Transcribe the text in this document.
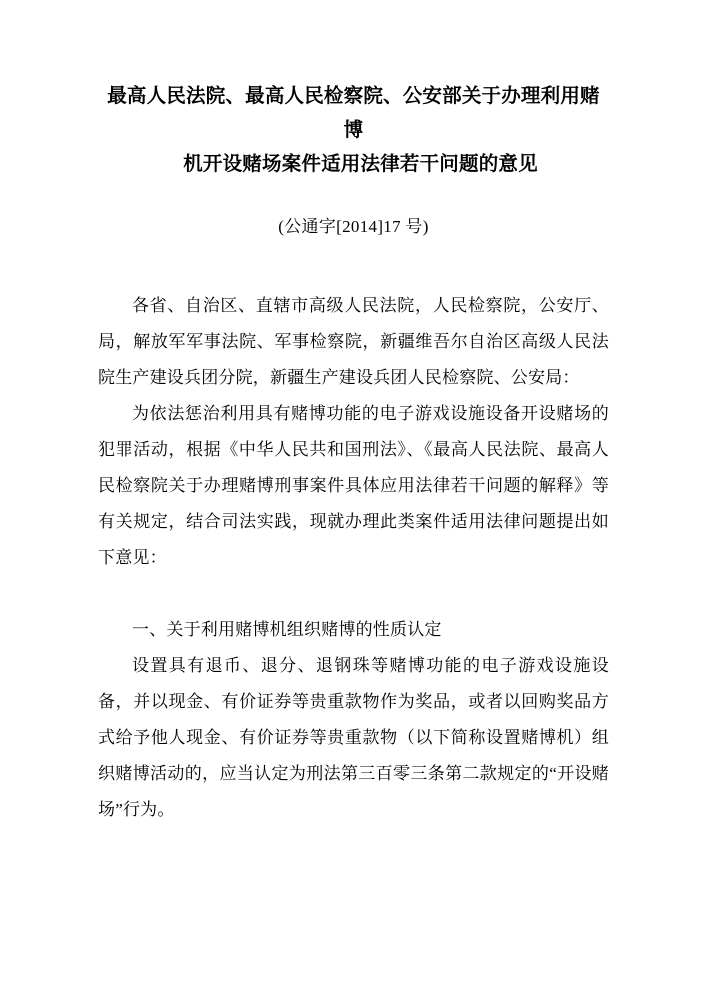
最高人民法院、最高人民检察院、公安部关于办理利用赌博
机开设赌场案件适用法律若干问题的意见
(公通字[2014]17 号)

各省、自治区、直辖市高级人民法院，人民检察院，公安厅、局，解放军军事法院、军事检察院，新疆维吾尔自治区高级人民法院生产建设兵团分院，新疆生产建设兵团人民检察院、公安局：

为依法惩治利用具有赌博功能的电子游戏设施设备开设赌场的犯罪活动，根据《中华人民共和国刑法》、《最高人民法院、最高人民检察院关于办理赌博刑事案件具体应用法律若干问题的解释》等有关规定，结合司法实践，现就办理此类案件适用法律问题提出如下意见：

一、关于利用赌博机组织赌博的性质认定

设置具有退币、退分、退钢珠等赌博功能的电子游戏设施设备，并以现金、有价证券等贵重款物作为奖品，或者以回购奖品方式给予他人现金、有价证券等贵重款物（以下简称设置赌博机）组织赌博活动的，应当认定为刑法第三百零三条第二款规定的“开设赌场”行为。
